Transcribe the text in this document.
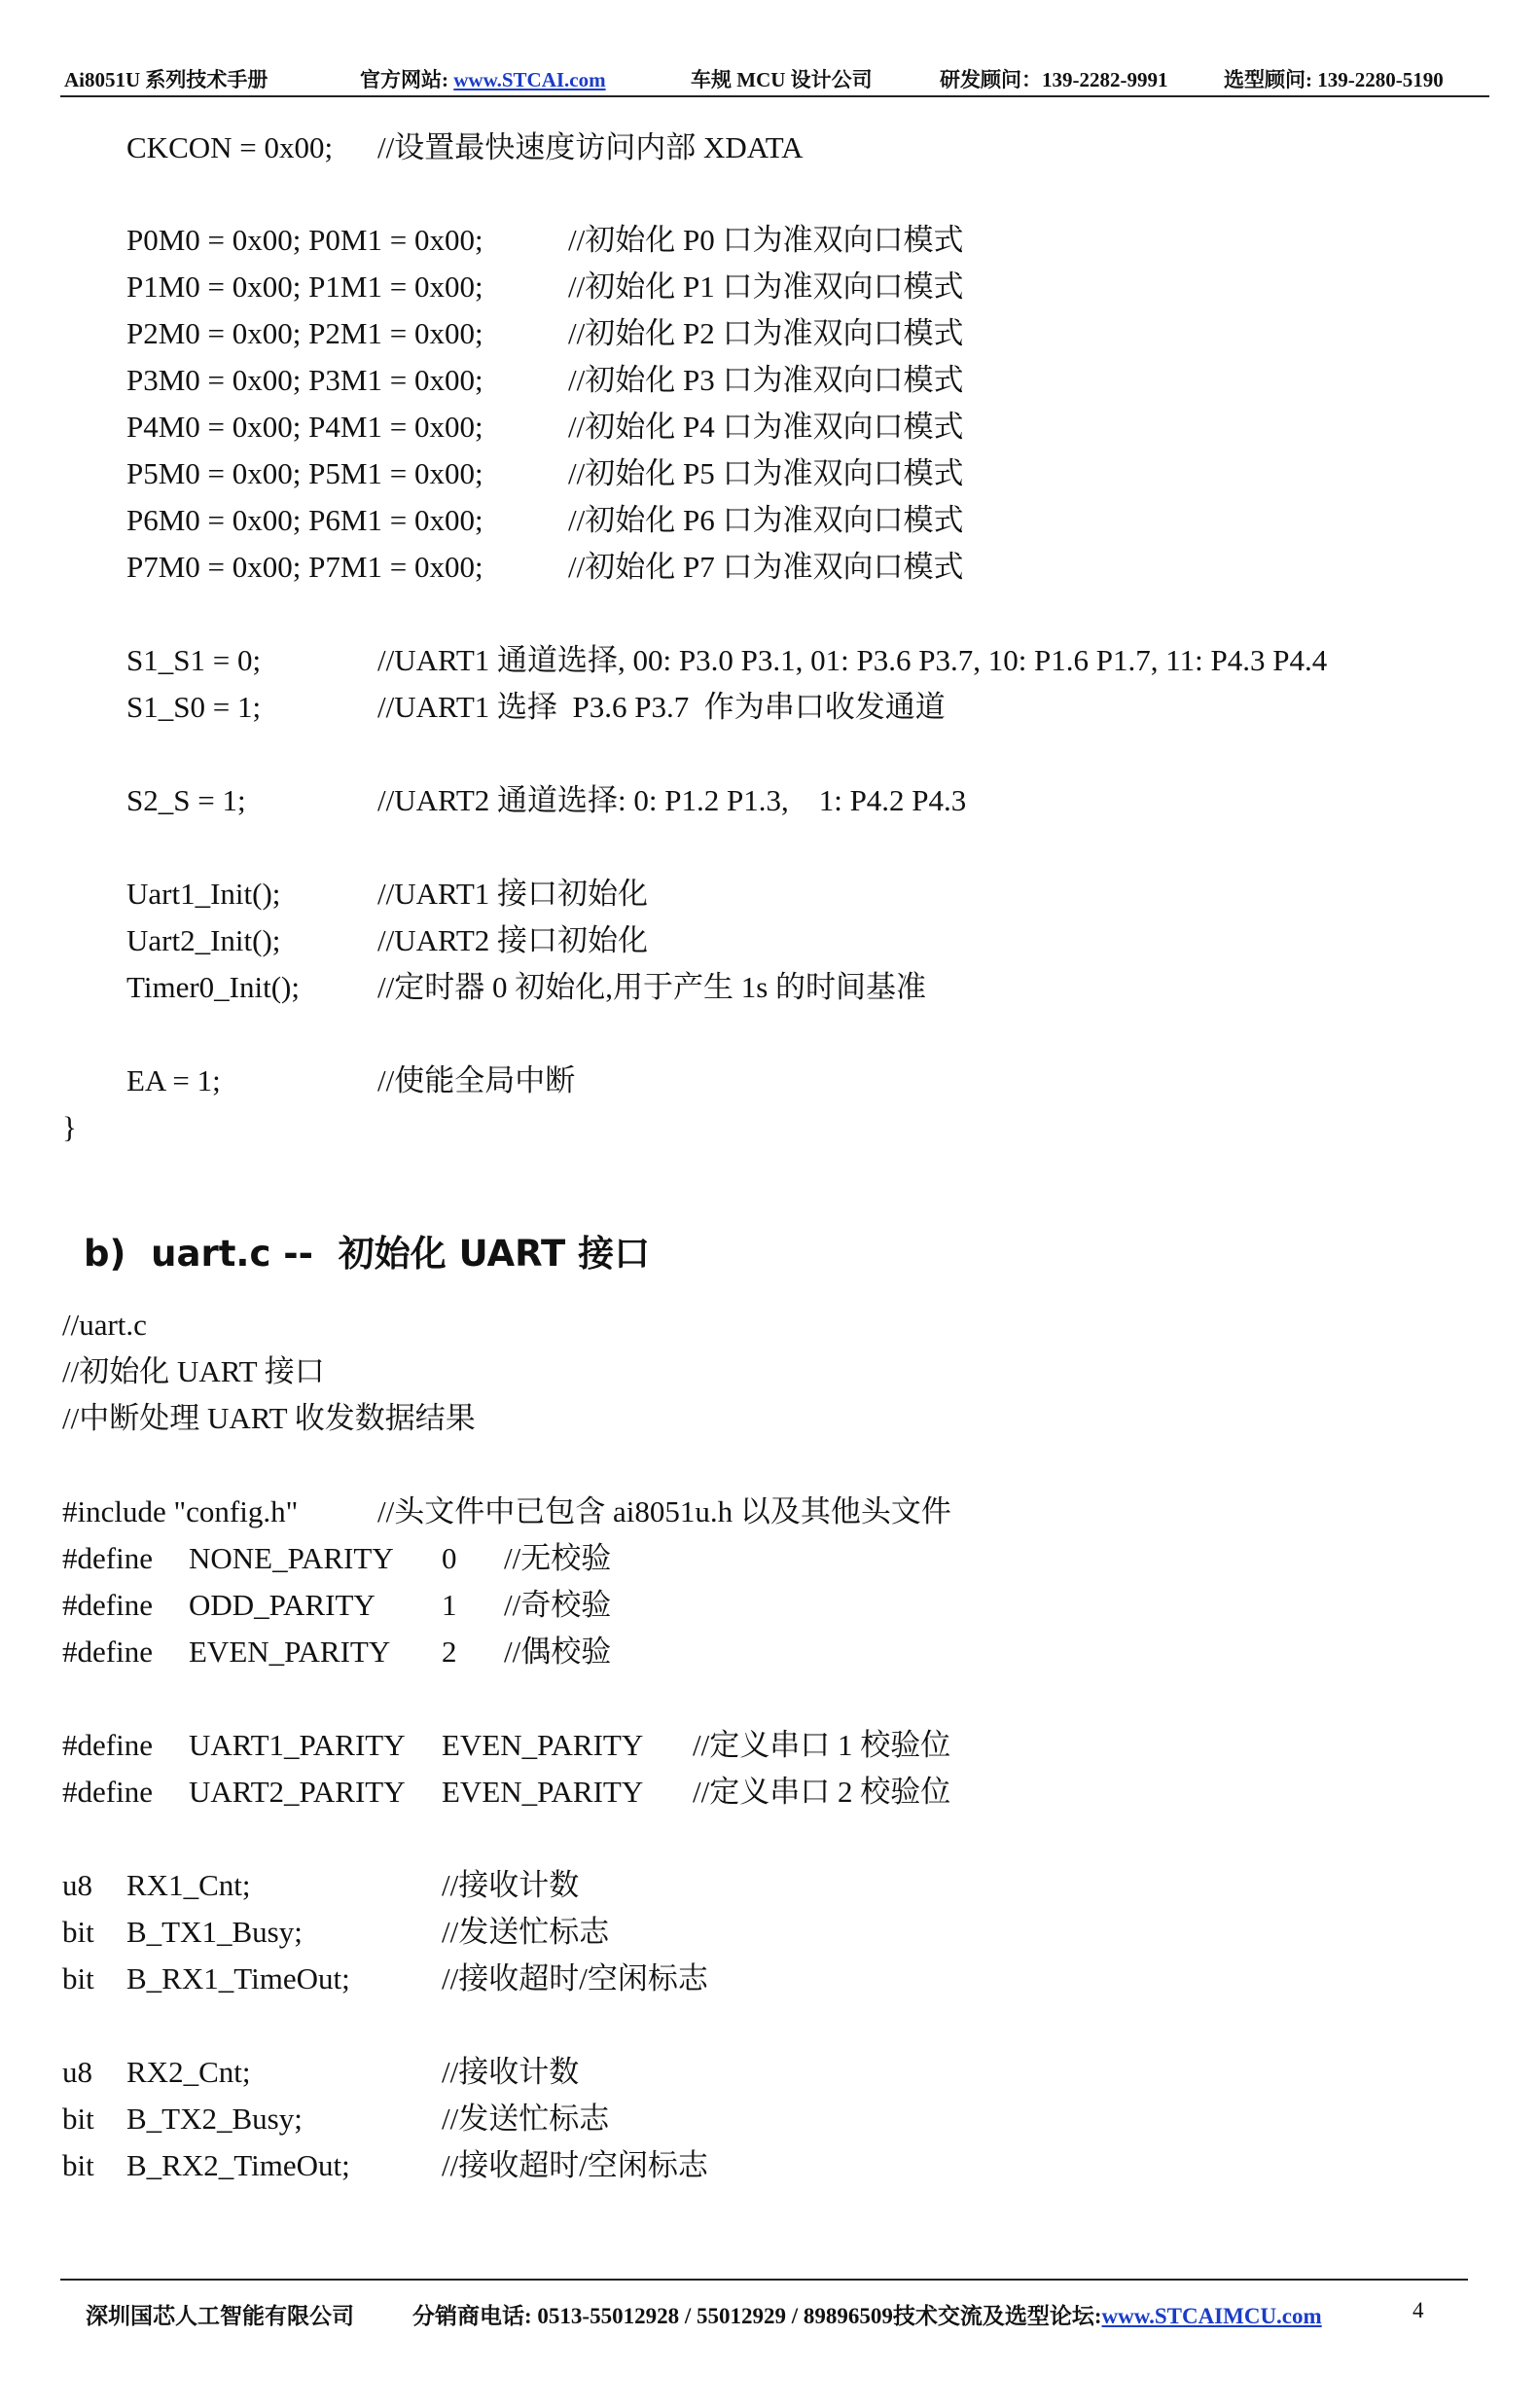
Ai8051U 系列技术手册	官方网站: www.STCAI.com	车规 MCU 设计公司	研发顾问：139-2282-9991	选型顾问: 139-2280-5190
CKCON = 0x00; //设置最快速度访问内部 XDATA
P0M0 = 0x00; P0M1 = 0x00;	//初始化 P0 口为准双向口模式
P1M0 = 0x00; P1M1 = 0x00;	//初始化 P1 口为准双向口模式
P2M0 = 0x00; P2M1 = 0x00;	//初始化 P2 口为准双向口模式
P3M0 = 0x00; P3M1 = 0x00;	//初始化 P3 口为准双向口模式
P4M0 = 0x00; P4M1 = 0x00;	//初始化 P4 口为准双向口模式
P5M0 = 0x00; P5M1 = 0x00;	//初始化 P5 口为准双向口模式
P6M0 = 0x00; P6M1 = 0x00;	//初始化 P6 口为准双向口模式
P7M0 = 0x00; P7M1 = 0x00;	//初始化 P7 口为准双向口模式
S1_S1 = 0;	//UART1 通道选择, 00: P3.0 P3.1, 01: P3.6 P3.7, 10: P1.6 P1.7, 11: P4.3 P4.4
S1_S0 = 1;	//UART1 选择  P3.6 P3.7  作为串口收发通道
S2_S = 1;	//UART2 通道选择: 0: P1.2 P1.3,    1: P4.2 P4.3
Uart1_Init();	//UART1 接口初始化
Uart2_Init();	//UART2 接口初始化
Timer0_Init();	//定时器 0 初始化,用于产生 1s 的时间基准
EA = 1;	//使能全局中断
}
b)  uart.c --  初始化 UART 接口
//uart.c
//初始化 UART 接口
//中断处理 UART 收发数据结果
#include "config.h"	//头文件中已包含 ai8051u.h 以及其他头文件
#define NONE_PARITY 0 //无校验
#define ODD_PARITY 1 //奇校验
#define EVEN_PARITY 2 //偶校验
#define UART1_PARITY EVEN_PARITY //定义串口 1 校验位
#define UART2_PARITY EVEN_PARITY //定义串口 2 校验位
u8 RX1_Cnt;	//接收计数
bit B_TX1_Busy;	//发送忙标志
bit B_RX1_TimeOut;	//接收超时/空闲标志
u8 RX2_Cnt;	//接收计数
bit B_TX2_Busy;	//发送忙标志
bit B_RX2_TimeOut;	//接收超时/空闲标志
深圳国芯人工智能有限公司	分销商电话: 0513-55012928 / 55012929 / 89896509技术交流及选型论坛:www.STCAIMCU.com	4
